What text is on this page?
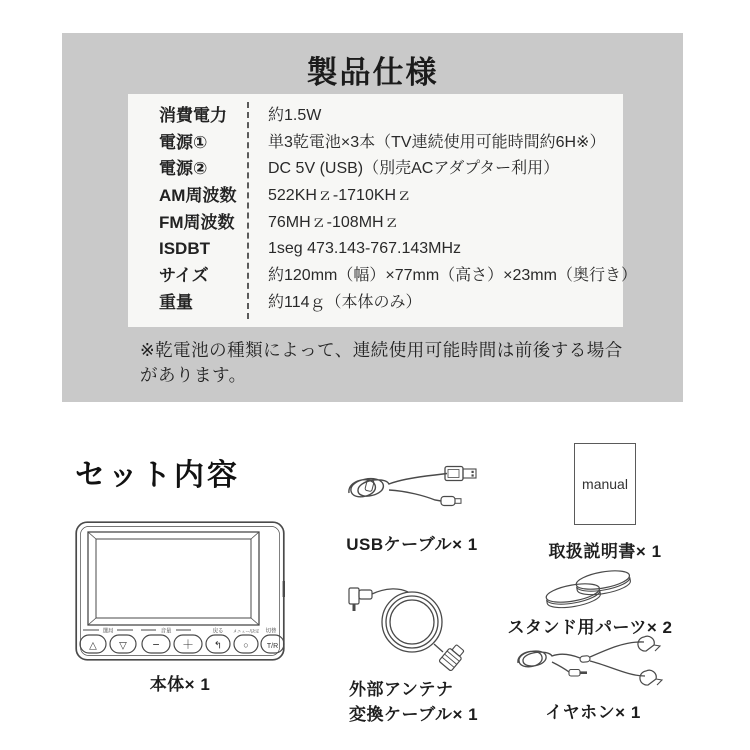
製品仕様
消費電力	約1.5W
電源①	単3乾電池×3本（TV連続使用可能時間約6H※）
電源②	DC 5V (USB)（別売ACアダプター利用）
AM周波数	522KHｚ-1710KHｚ
FM周波数	76MHｚ-108MHｚ
ISDBT	1seg 473.143-767.143MHz
サイズ	約120mm（幅）×77mm（高さ）×23mm（奥行き）
重量	約114ｇ（本体のみ）
※乾電池の種類によって、連続使用可能時間は前後する場合
があります。
セット内容
選局	音量	戻る メニュー/決定 切替
△ ▽ − ＋ ↰ ○	T/R
本体× 1
USBケーブル× 1
manual
取扱説明書× 1
スタンド用パーツ× 2
外部アンテナ
変換ケーブル× 1	イヤホン× 1
